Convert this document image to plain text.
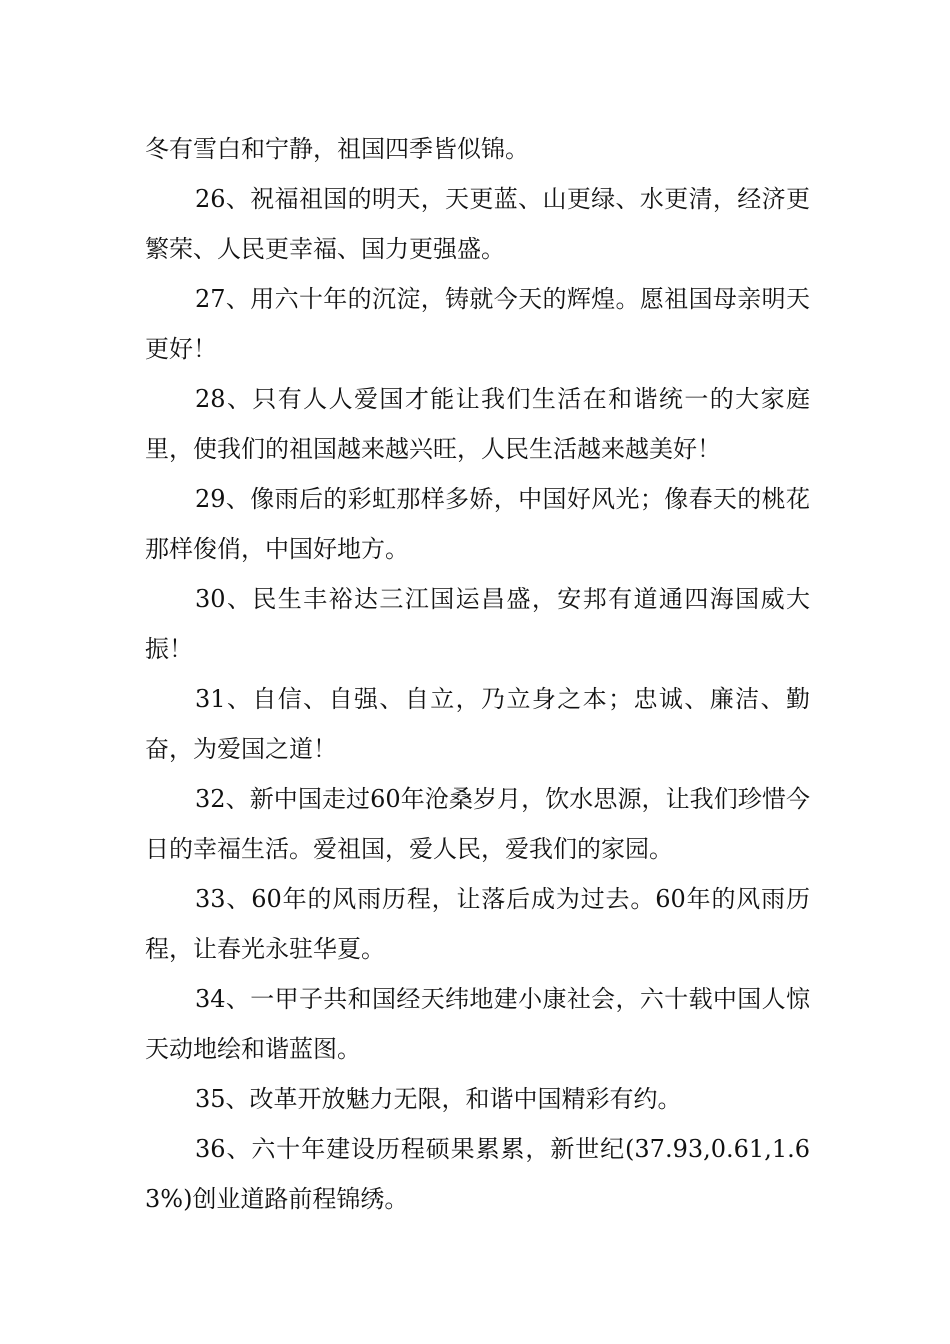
冬有雪白和宁静，祖国四季皆似锦。

26、祝福祖国的明天，天更蓝、山更绿、水更清，经济更繁荣、人民更幸福、国力更强盛。

27、用六十年的沉淀，铸就今天的辉煌。愿祖国母亲明天更好！

28、只有人人爱国才能让我们生活在和谐统一的大家庭里，使我们的祖国越来越兴旺，人民生活越来越美好！

29、像雨后的彩虹那样多娇，中国好风光；像春天的桃花那样俊俏，中国好地方。

30、民生丰裕达三江国运昌盛，安邦有道通四海国威大振！

31、自信、自强、自立，乃立身之本；忠诚、廉洁、勤奋，为爱国之道！

32、新中国走过60年沧桑岁月，饮水思源，让我们珍惜今日的幸福生活。爱祖国，爱人民，爱我们的家园。

33、60年的风雨历程，让落后成为过去。60年的风雨历程，让春光永驻华夏。

34、一甲子共和国经天纬地建小康社会，六十载中国人惊天动地绘和谐蓝图。

35、改革开放魅力无限，和谐中国精彩有约。

36、六十年建设历程硕果累累，新世纪(37.93,0.61,1.63%)创业道路前程锦绣。
